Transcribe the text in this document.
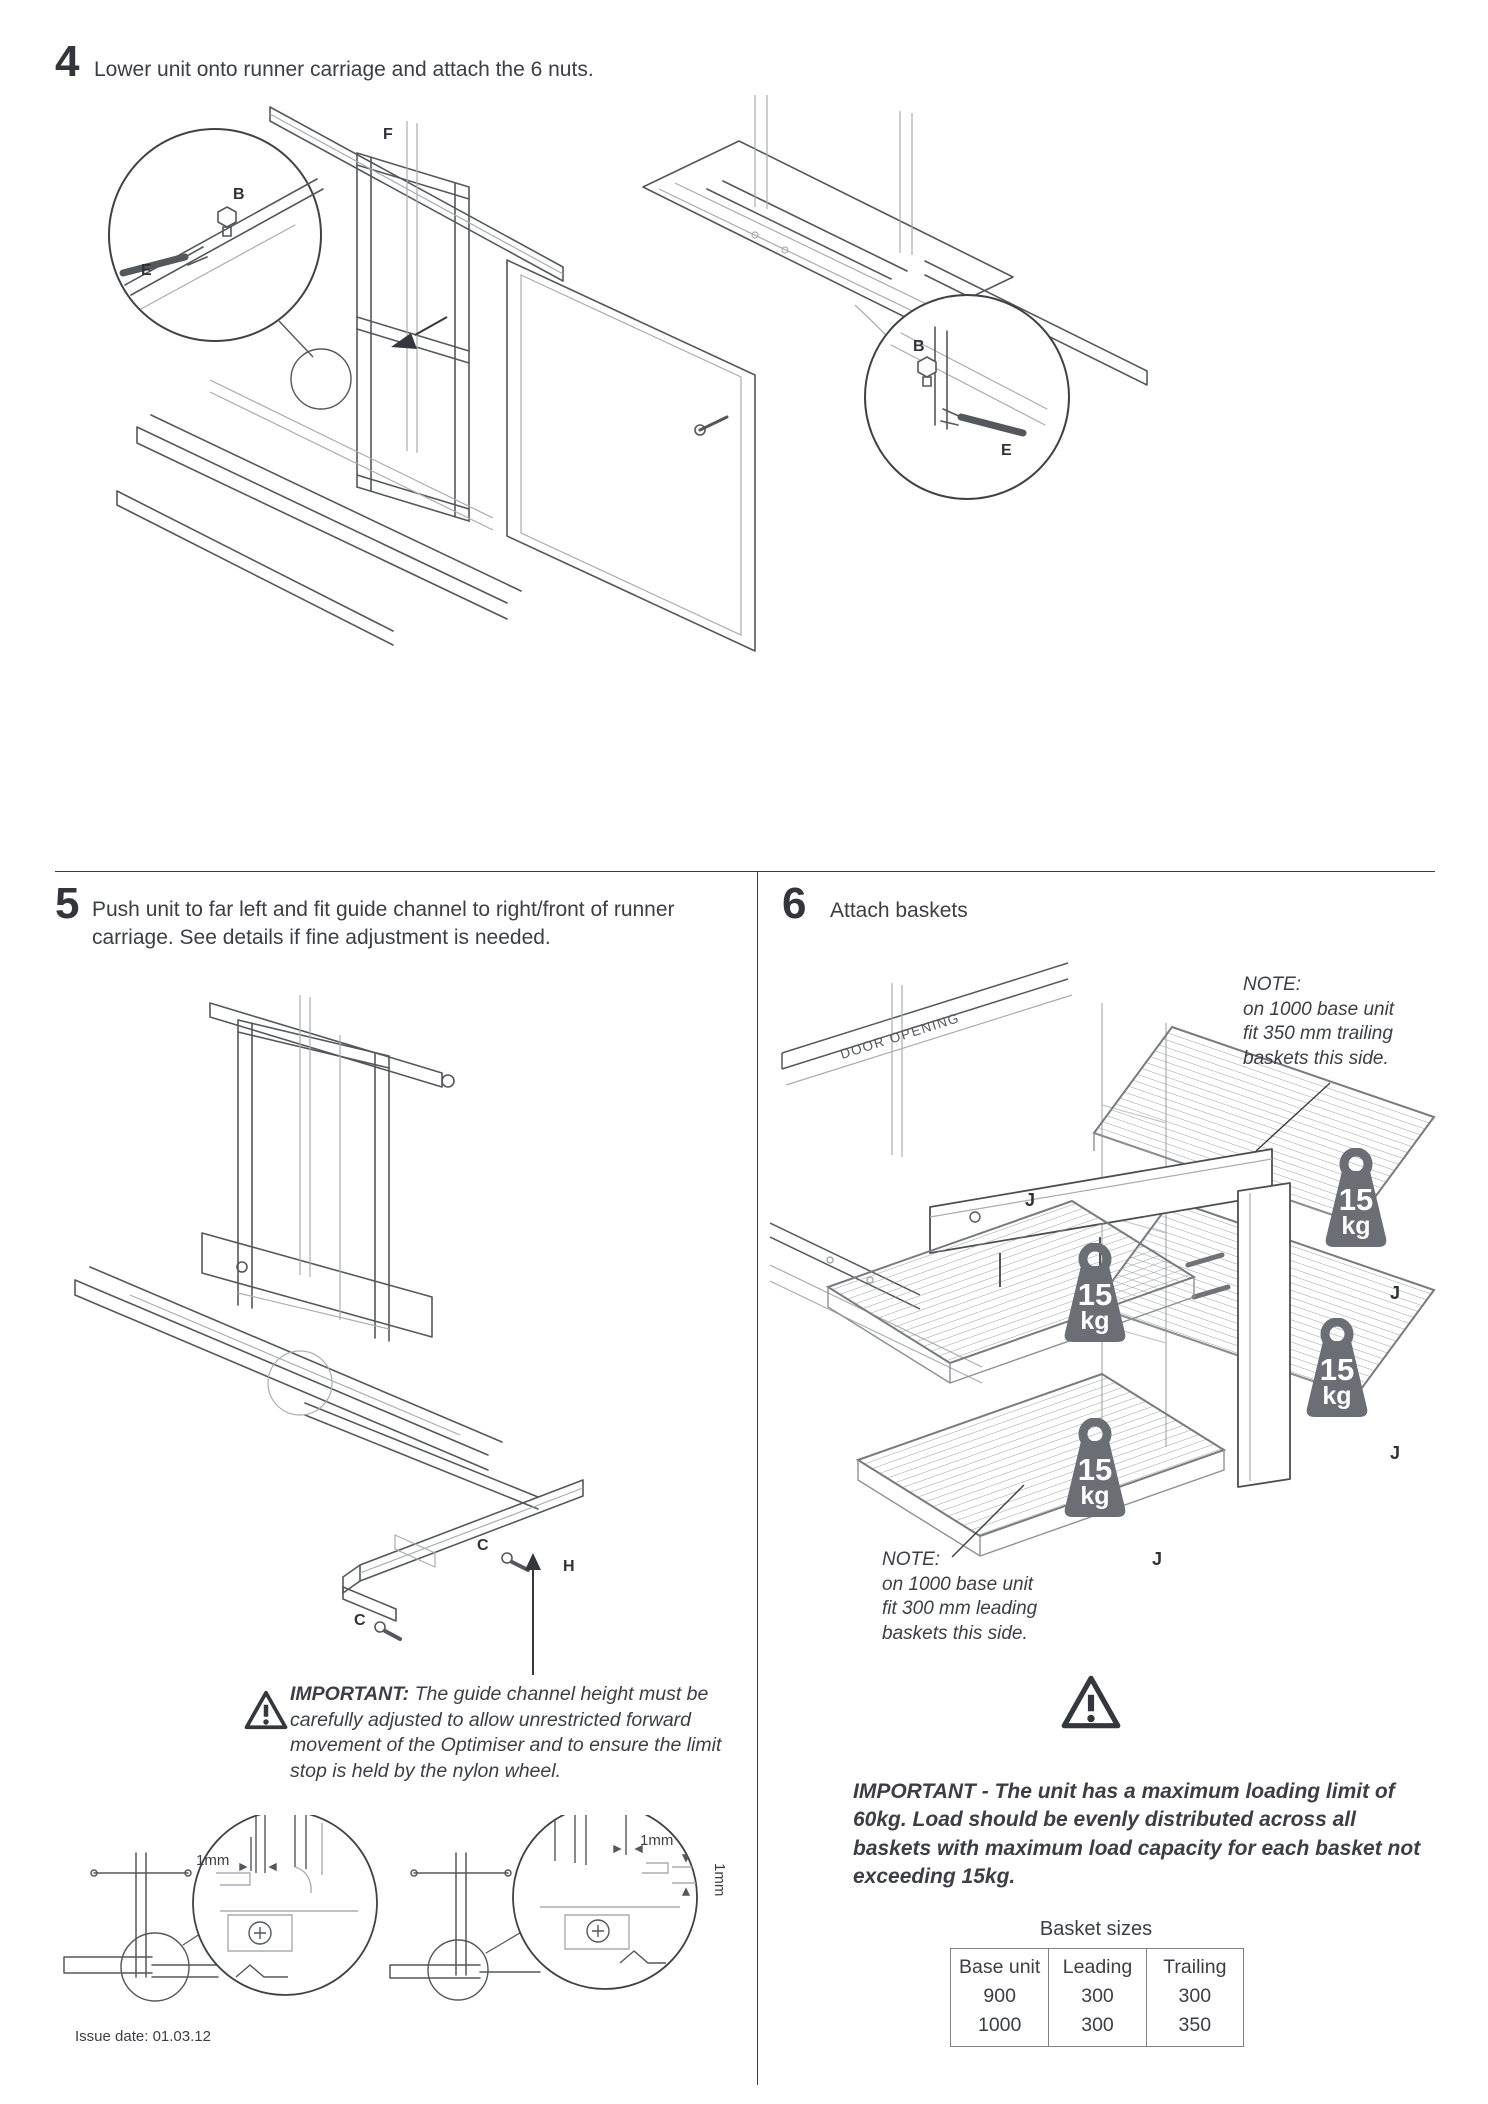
4 Lower unit onto runner carriage and attach the 6 nuts.
B
E
B
E
F
5 Push unit to far left and fit guide channel to right/front of runner carriage. See details if fine adjustment is needed.
C
H
C
IMPORTANT: The guide channel height must be carefully adjusted to allow unrestricted forward movement of the Optimiser and to ensure the limit stop is held by the nylon wheel.
1mm
1mm
1mm
Issue date: 01.03.12
6 Attach baskets
DOOR OPENING
NOTE:
on 1000 base unit
fit 350 mm trailing
baskets this side.
NOTE:
on 1000 base unit
fit 300 mm leading
baskets this side.
J
J
J
J
15
kg
15
kg
15
kg
15
kg
IMPORTANT - The unit has a maximum loading limit of 60kg. Load should be evenly distributed across all baskets with maximum load capacity for each basket not exceeding 15kg.
Basket sizes
Base unit	Leading	Trailing
900	300	300
1000	300	350
